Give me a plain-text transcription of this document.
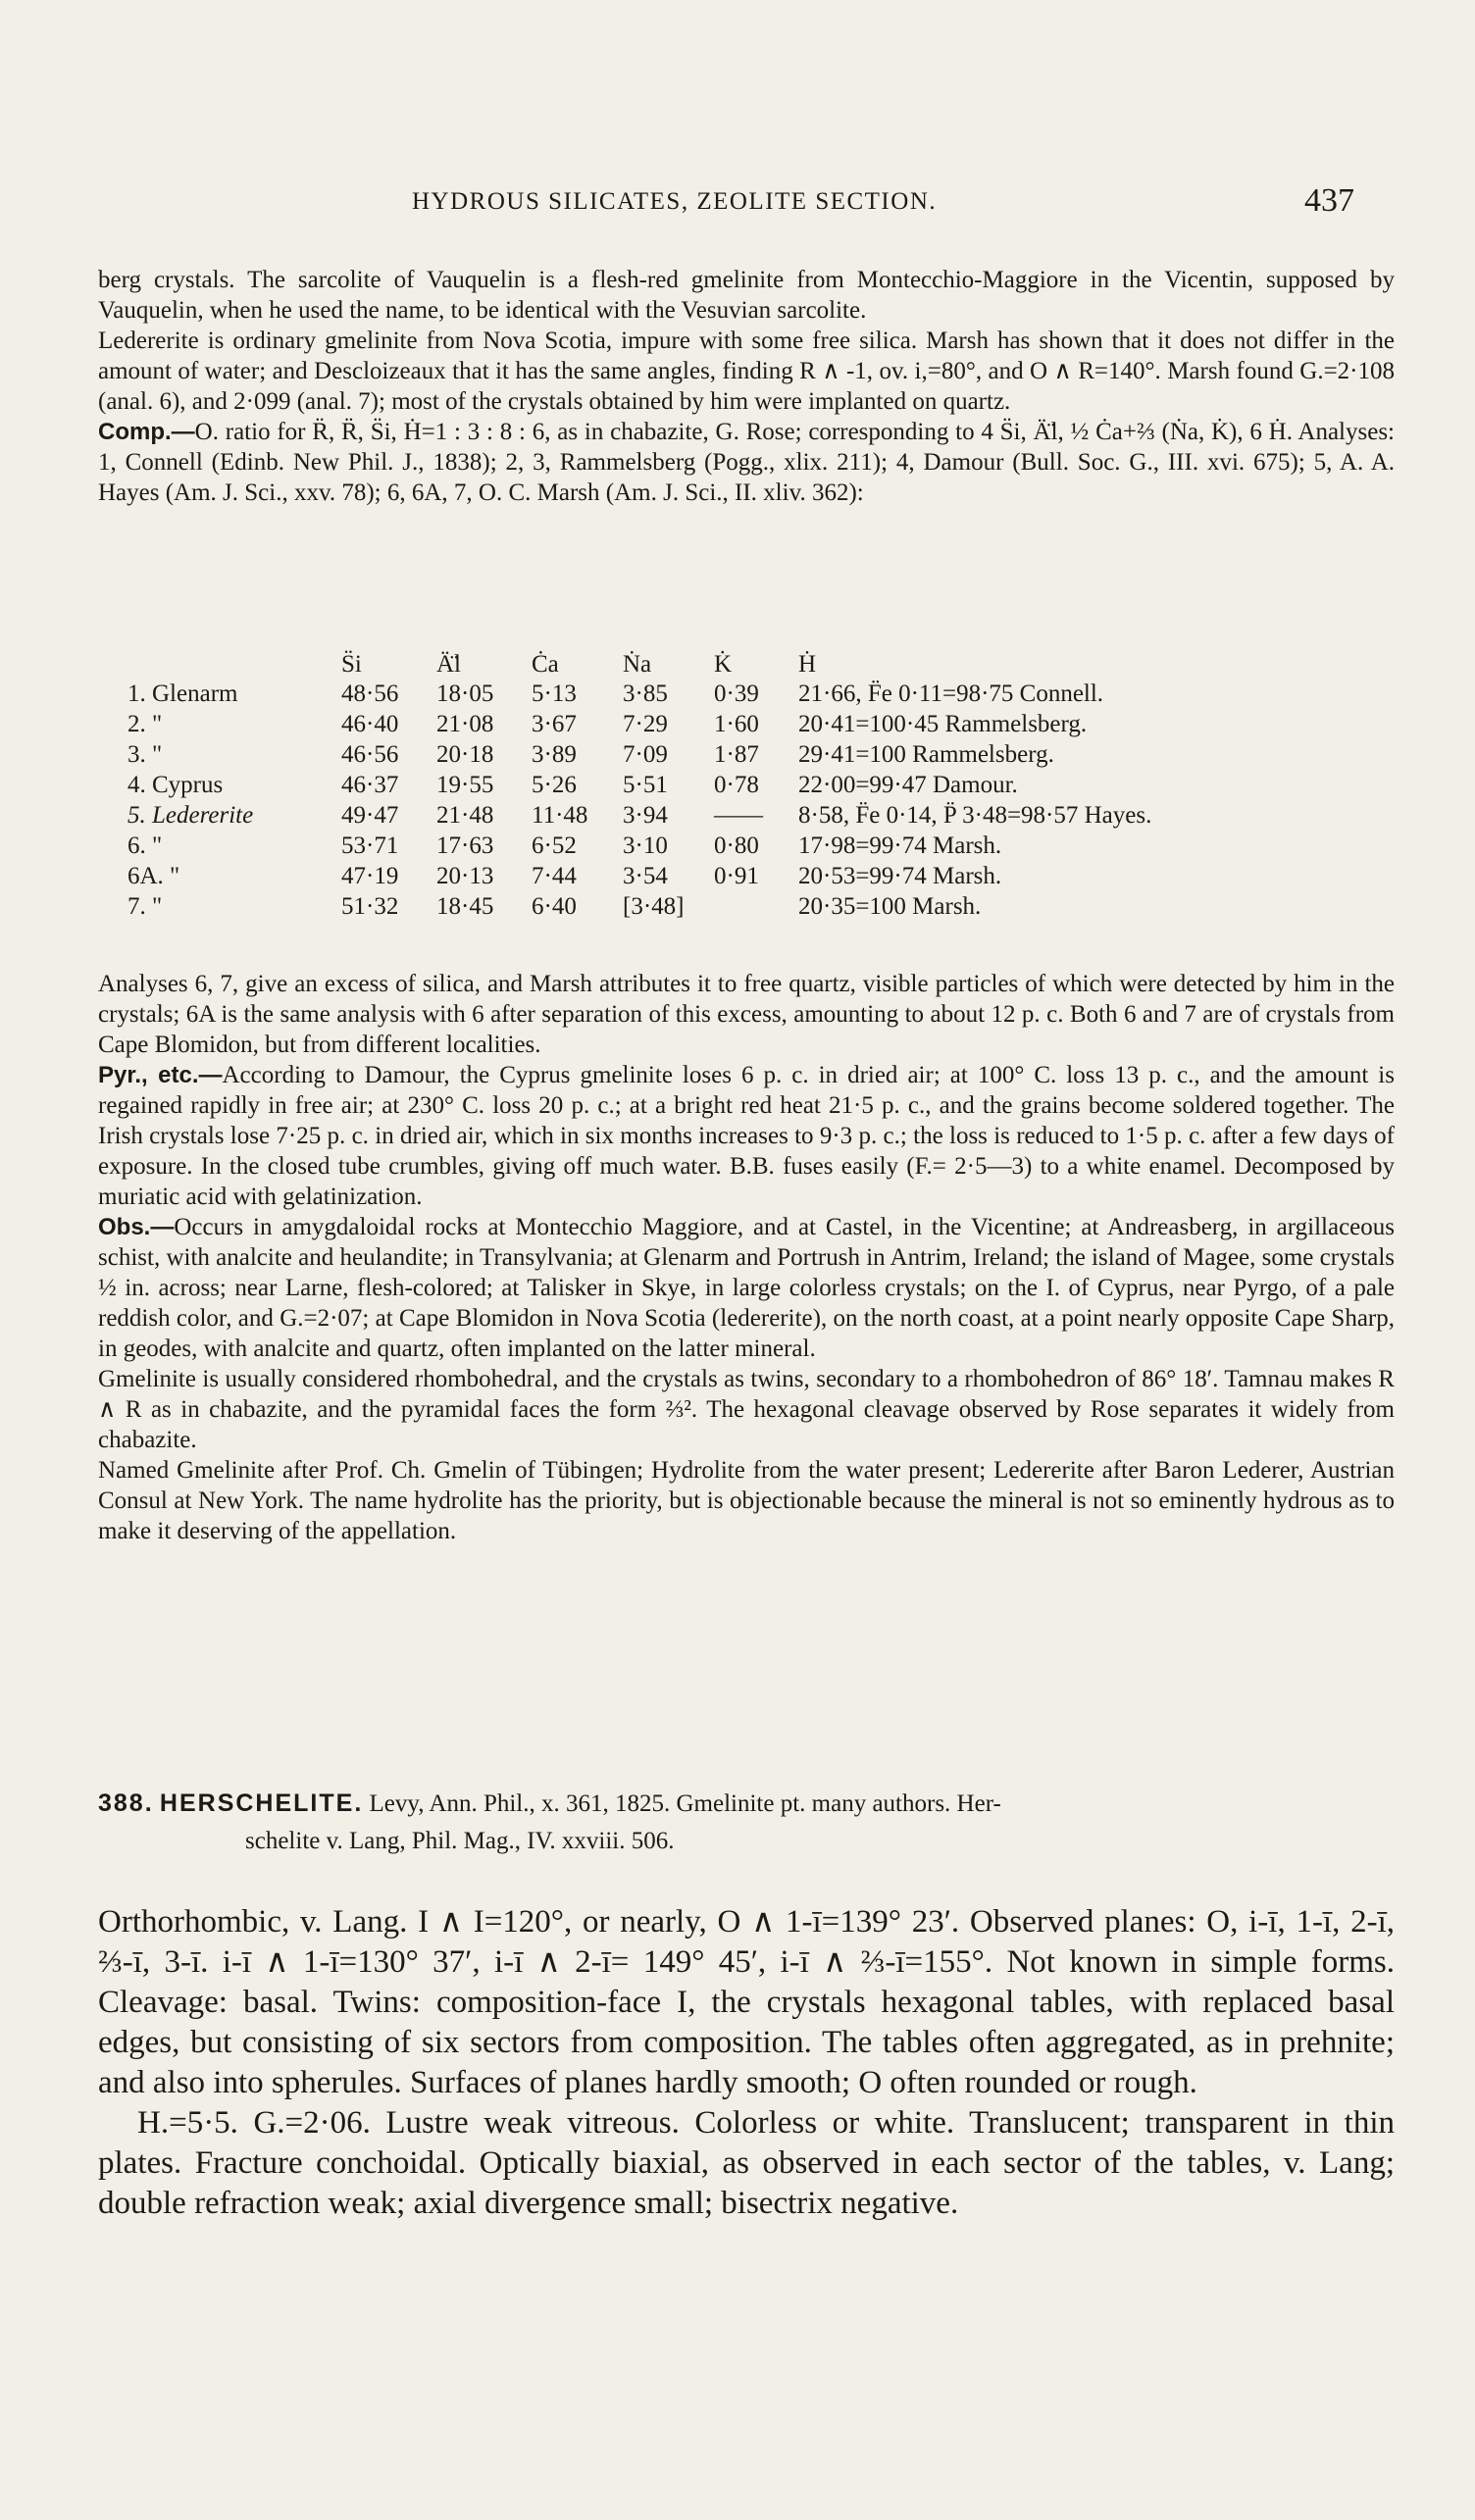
HYDROUS SILICATES, ZEOLITE SECTION.	437

berg crystals. The sarcolite of Vauquelin is a flesh-red gmelinite from Montecchio-Maggiore in the Vicentin, supposed by Vauquelin, when he used the name, to be identical with the Vesuvian sarcolite.

Ledererite is ordinary gmelinite from Nova Scotia, impure with some free silica. Marsh has shown that it does not differ in the amount of water; and Descloizeaux that it has the same angles, finding R ∧ -1, ov. i,=80°, and O ∧ R=140°. Marsh found G.=2·108 (anal. 6), and 2·099 (anal. 7); most of the crystals obtained by him were implanted on quartz.

Comp.—O. ratio for R̈, R̈, S̈i, Ḣ=1 : 3 : 8 : 6, as in chabazite, G. Rose; corresponding to 4 S̈i, Ä̈l, ½ Ċa+⅔ (Ṅa, K̇), 6 Ḣ. Analyses: 1, Connell (Edinb. New Phil. J., 1838); 2, 3, Rammelsberg (Pogg., xlix. 211); 4, Damour (Bull. Soc. G., III. xvi. 675); 5, A. A. Hayes (Am. J. Sci., xxv. 78); 6, 6A, 7, O. C. Marsh (Am. J. Sci., II. xliv. 362):

	S̈i	Ä̈l	Ċa	Ṅa	K̇	Ḣ
1. Glenarm	48·56	18·05	5·13	3·85	0·39	21·66, F̈e 0·11=98·75 Connell.
2. "	46·40	21·08	3·67	7·29	1·60	20·41=100·45 Rammelsberg.
3. "	46·56	20·18	3·89	7·09	1·87	29·41=100 Rammelsberg.
4. Cyprus	46·37	19·55	5·26	5·51	0·78	22·00=99·47 Damour.
5. Ledererite	49·47	21·48	11·48	3·94	——	8·58, F̈e 0·14, P̈ 3·48=98·57 Hayes.
6. "	53·71	17·63	6·52	3·10	0·80	17·98=99·74 Marsh.
6A. "	47·19	20·13	7·44	3·54	0·91	20·53=99·74 Marsh.
7. "	51·32	18·45	6·40	[3·48]		20·35=100 Marsh.

Analyses 6, 7, give an excess of silica, and Marsh attributes it to free quartz, visible particles of which were detected by him in the crystals; 6A is the same analysis with 6 after separation of this excess, amounting to about 12 p. c. Both 6 and 7 are of crystals from Cape Blomidon, but from different localities.

Pyr., etc.—According to Damour, the Cyprus gmelinite loses 6 p. c. in dried air; at 100° C. loss 13 p. c., and the amount is regained rapidly in free air; at 230° C. loss 20 p. c.; at a bright red heat 21·5 p. c., and the grains become soldered together. The Irish crystals lose 7·25 p. c. in dried air, which in six months increases to 9·3 p. c.; the loss is reduced to 1·5 p. c. after a few days of exposure. In the closed tube crumbles, giving off much water. B.B. fuses easily (F.= 2·5—3) to a white enamel. Decomposed by muriatic acid with gelatinization.

Obs.—Occurs in amygdaloidal rocks at Montecchio Maggiore, and at Castel, in the Vicentine; at Andreasberg, in argillaceous schist, with analcite and heulandite; in Transylvania; at Glenarm and Portrush in Antrim, Ireland; the island of Magee, some crystals ½ in. across; near Larne, flesh-colored; at Talisker in Skye, in large colorless crystals; on the I. of Cyprus, near Pyrgo, of a pale reddish color, and G.=2·07; at Cape Blomidon in Nova Scotia (ledererite), on the north coast, at a point nearly opposite Cape Sharp, in geodes, with analcite and quartz, often implanted on the latter mineral.

Gmelinite is usually considered rhombohedral, and the crystals as twins, secondary to a rhombohedron of 86° 18′. Tamnau makes R ∧ R as in chabazite, and the pyramidal faces the form ⅔². The hexagonal cleavage observed by Rose separates it widely from chabazite.

Named Gmelinite after Prof. Ch. Gmelin of Tübingen; Hydrolite from the water present; Ledererite after Baron Lederer, Austrian Consul at New York. The name hydrolite has the priority, but is objectionable because the mineral is not so eminently hydrous as to make it deserving of the appellation.

388. HERSCHELITE. Levy, Ann. Phil., x. 361, 1825. Gmelinite pt. many authors. Her-
schelite v. Lang, Phil. Mag., IV. xxviii. 506.

Orthorhombic, v. Lang. I ∧ I=120°, or nearly, O ∧ 1-ī=139° 23′. Observed planes: O, i-ī, 1-ī, 2-ī, ⅔-ī, 3-ī. i-ī ∧ 1-ī=130° 37′, i-ī ∧ 2-ī= 149° 45′, i-ī ∧ ⅔-ī=155°. Not known in simple forms. Cleavage: basal. Twins: composition-face I, the crystals hexagonal tables, with replaced basal edges, but consisting of six sectors from composition. The tables often aggregated, as in prehnite; and also into spherules. Surfaces of planes hardly smooth; O often rounded or rough.

H.=5·5. G.=2·06. Lustre weak vitreous. Colorless or white. Translucent; transparent in thin plates. Fracture conchoidal. Optically biaxial, as observed in each sector of the tables, v. Lang; double refraction weak; axial divergence small; bisectrix negative.
